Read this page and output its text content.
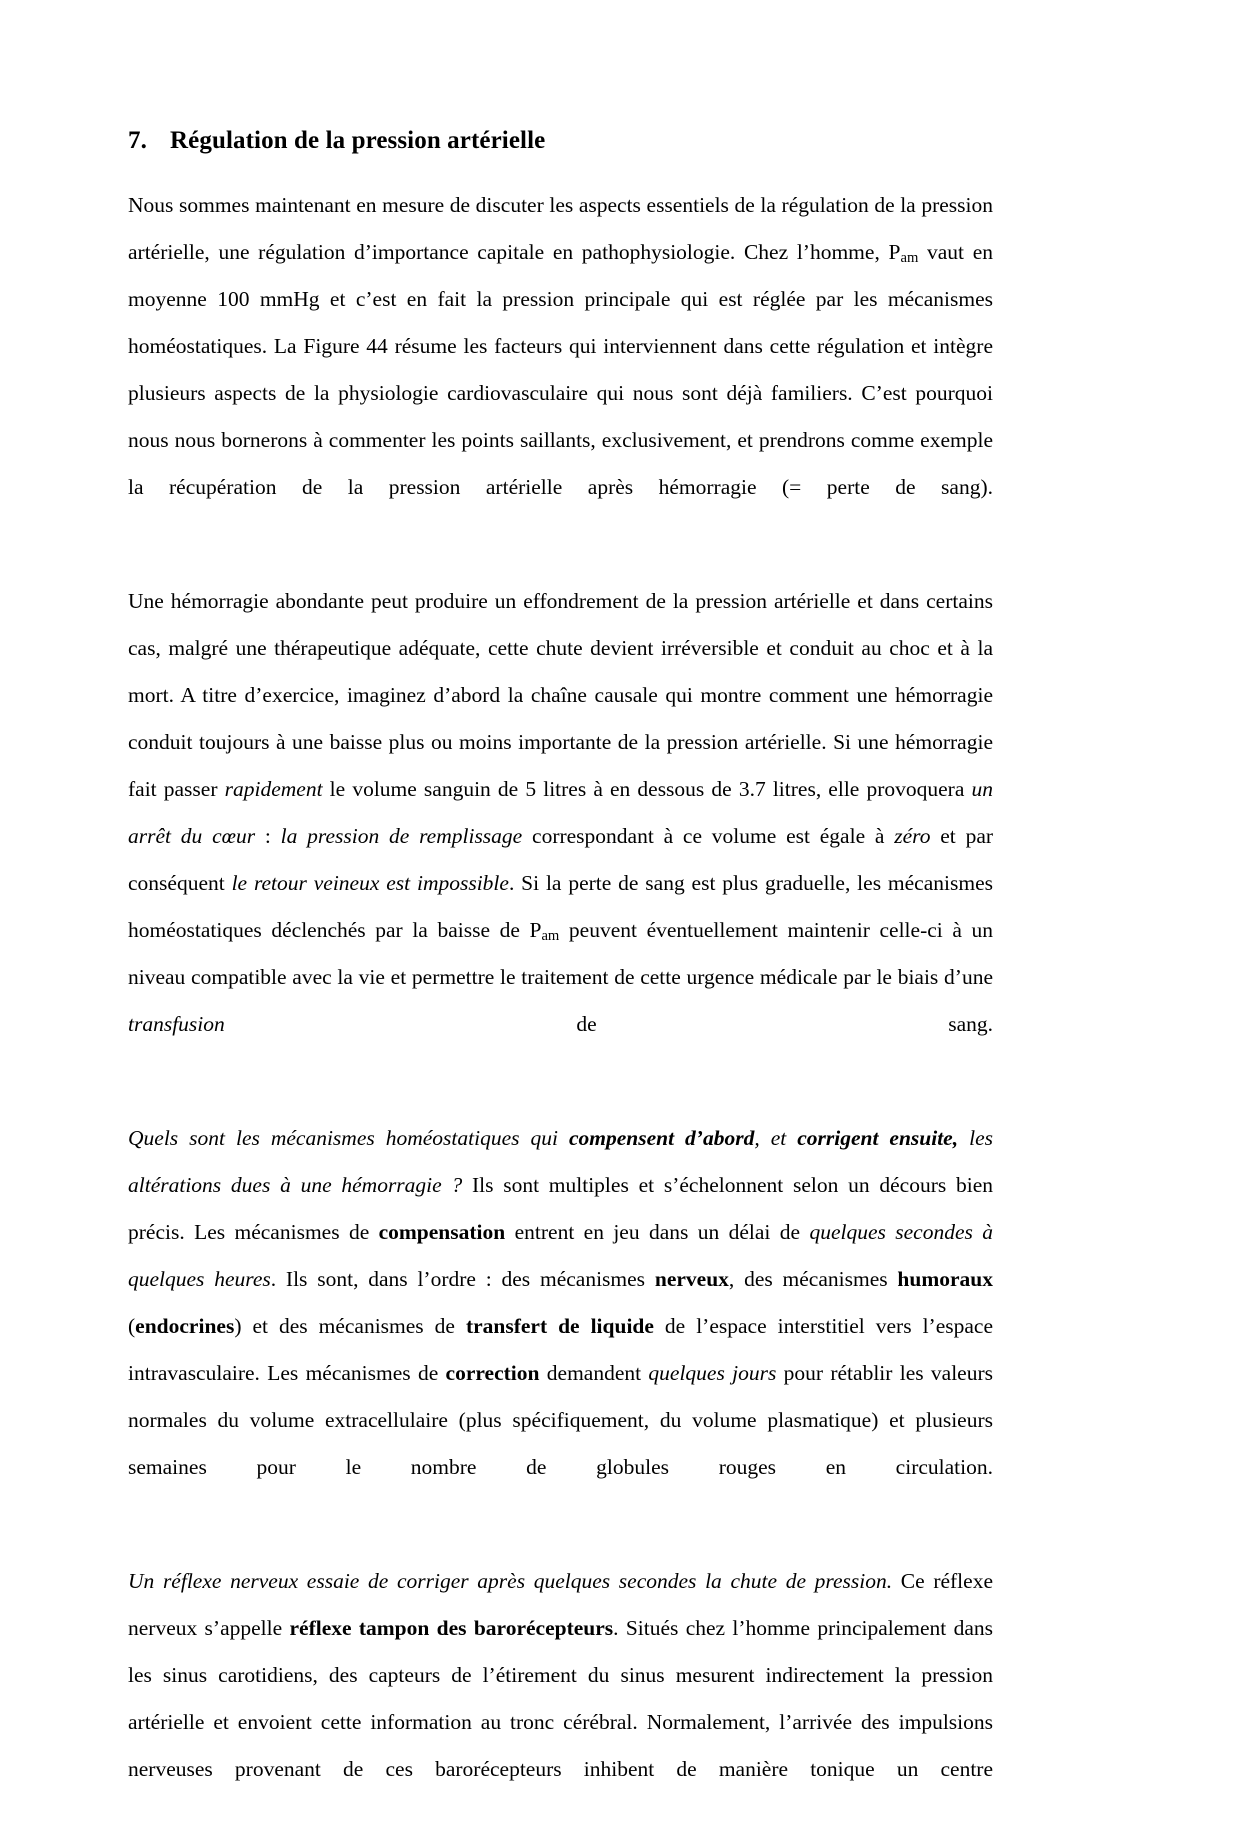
7. Régulation de la pression artérielle

Nous sommes maintenant en mesure de discuter les aspects essentiels de la régulation de la pression artérielle, une régulation d’importance capitale en pathophysiologie. Chez l’homme, $P_{am}$ vaut en moyenne 100 mmHg et c’est en fait la pression principale qui est réglée par les mécanismes homéostatiques. La Figure 44 résume les facteurs qui interviennent dans cette régulation et intègre plusieurs aspects de la physiologie cardiovasculaire qui nous sont déjà familiers. C’est pourquoi nous nous bornerons à commenter les points saillants, exclusivement, et prendrons comme exemple la récupération de la pression artérielle après hémorragie (= perte de sang).

Une hémorragie abondante peut produire un effondrement de la pression artérielle et dans certains cas, malgré une thérapeutique adéquate, cette chute devient irréversible et conduit au choc et à la mort. A titre d’exercice, imaginez d’abord la chaîne causale qui montre comment une hémorragie conduit toujours à une baisse plus ou moins importante de la pression artérielle. Si une hémorragie fait passer rapidement le volume sanguin de 5 litres à en dessous de 3.7 litres, elle provoquera un arrêt du cœur : la pression de remplissage correspondant à ce volume est égale à zéro et par conséquent le retour veineux est impossible. Si la perte de sang est plus graduelle, les mécanismes homéostatiques déclenchés par la baisse de $P_{am}$ peuvent éventuellement maintenir celle-ci à un niveau compatible avec la vie et permettre le traitement de cette urgence médicale par le biais d’une transfusion de sang.

Quels sont les mécanismes homéostatiques qui compensent d’abord, et corrigent ensuite, les altérations dues à une hémorragie ? Ils sont multiples et s’échelonnent selon un décours bien précis. Les mécanismes de compensation entrent en jeu dans un délai de quelques secondes à quelques heures. Ils sont, dans l’ordre : des mécanismes nerveux, des mécanismes humoraux (endocrines) et des mécanismes de transfert de liquide de l’espace interstitiel vers l’espace intravasculaire. Les mécanismes de correction demandent quelques jours pour rétablir les valeurs normales du volume extracellulaire (plus spécifiquement, du volume plasmatique) et plusieurs semaines pour le nombre de globules rouges en circulation.

Un réflexe nerveux essaie de corriger après quelques secondes la chute de pression. Ce réflexe nerveux s’appelle réflexe tampon des barorécepteurs. Situés chez l’homme principalement dans les sinus carotidiens, des capteurs de l’étirement du sinus mesurent indirectement la pression artérielle et envoient cette information au tronc cérébral. Normalement, l’arrivée des impulsions nerveuses provenant de ces barorécepteurs inhibent de manière tonique un centre
